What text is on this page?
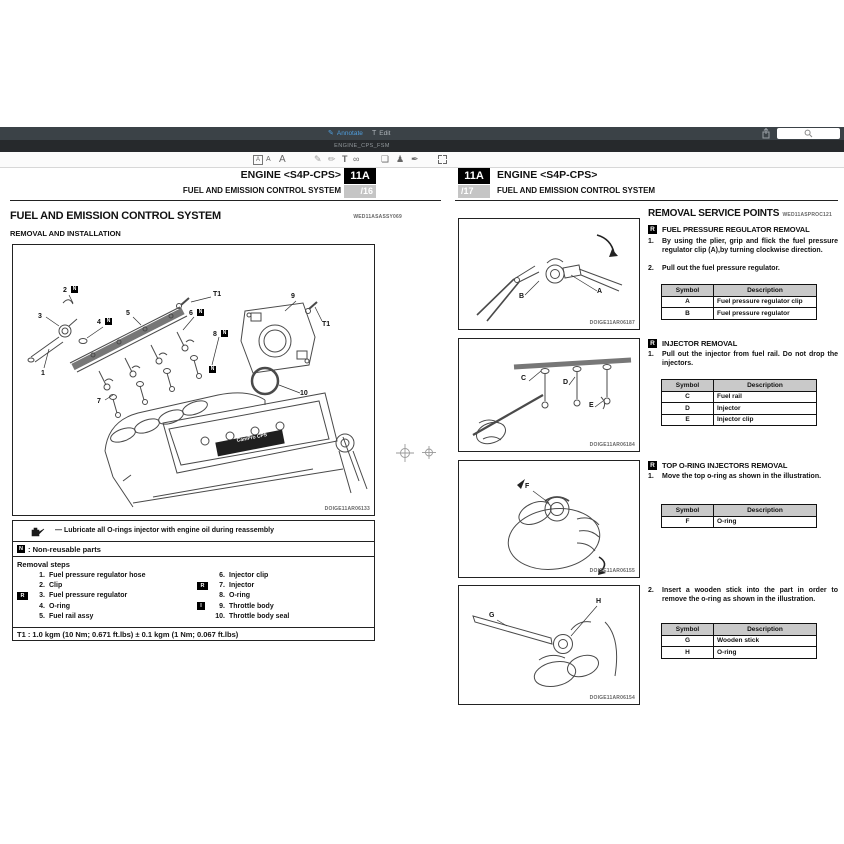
✎ Annotate T Edit
ENGINE_CPS_FSM
A A A	✎ ✏ T ∞ ❏ ♟ ✒
ENGINE <S4P-CPS> 11A
FUEL AND EMISSION CONTROL SYSTEM	/16
11A
/17
ENGINE <S4P-CPS>
FUEL AND EMISSION CONTROL SYSTEM
FUEL AND EMISSION CONTROL SYSTEM	WED11ASASSY069
REMOVAL AND INSTALLATION
CamPro CPS
2	N
3
4	N
5
T1
6	N
8	N
N
9
T1
1
7
10
DOIGE11AR06133
— Lubricate all O-rings injector with engine oil during reassembly
N : Non-reusable parts
Removal steps
1. Fuel pressure regulator hose
2. Clip
R	3. Fuel pressure regulator
4. O-ring
5. Fuel rail assy
6. Injector clip
R	7. Injector
8. O-ring
I	9. Throttle body
10. Throttle body seal
T1 : 1.0 kgm (10 Nm; 0.671 ft.lbs) ± 0.1 kgm (1 Nm; 0.067 ft.lbs)
B
A
DOIGE11AR06187
C
D
E
DOIGE11AR06184
F
DOIGE11AR06155
G
H
DOIGE11AR06154
REMOVAL SERVICE POINTS WED11ASPROC121
R FUEL PRESSURE REGULATOR REMOVAL
1. By using the plier, grip and flick the fuel pressure regulator clip (A),by turning clockwise direction.
2. Pull out the fuel pressure regulator.
Symbol	Description
A	Fuel pressure regulator clip
B	Fuel pressure regulator
R INJECTOR REMOVAL
1. Pull out the injector from fuel rail. Do not drop the injectors.
Symbol	Description
C	Fuel rail
D	Injector
E	Injector clip
R TOP O-RING INJECTORS REMOVAL
1. Move the top o-ring as shown in the illustration.
Symbol	Description
F	O-ring
2. Insert a wooden stick into the part in order to remove the o-ring as shown in the illustration.
Symbol	Description
G	Wooden stick
H	O-ring
